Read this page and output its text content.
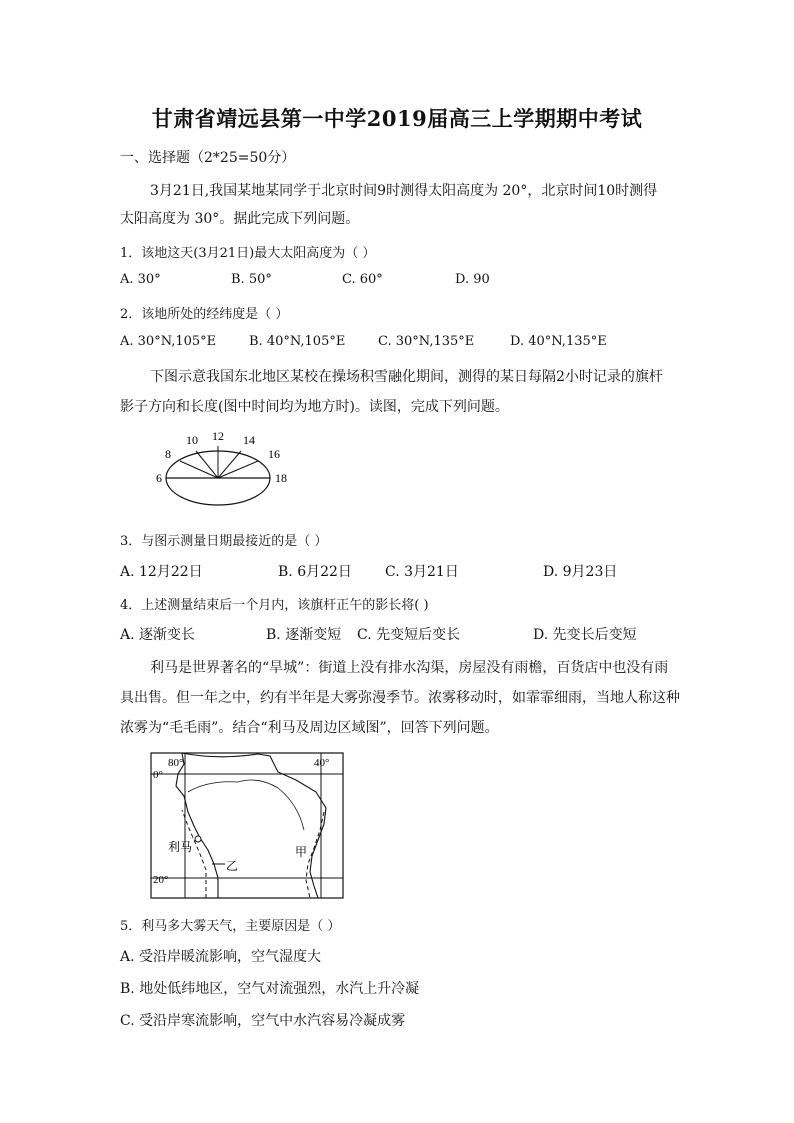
甘肃省靖远县第一中学2019届高三上学期期中考试
一、选择题（2*25=50分）
3月21日,我国某地某同学于北京时间9时测得太阳高度为 20°，北京时间10时测得
太阳高度为 30°。据此完成下列问题。
1．该地这天(3月21日)最大太阳高度为（ ）
A. 30°	B. 50°	C. 60°	D. 90
2．该地所处的经纬度是（ ）
A. 30°N,105°E	B. 40°N,105°E	C. 30°N,135°E	D. 40°N,135°E
下图示意我国东北地区某校在操场积雪融化期间，测得的某日每隔2小时记录的旗杆
影子方向和长度(图中时间均为地方时)。读图，完成下列问题。
6
8
10 12 14
16
18
3．与图示测量日期最接近的是（ ）
A. 12月22日	B. 6月22日 C. 3月21日	D. 9月23日
4．上述测量结束后一个月内，该旗杆正午的影长将( )
A. 逐渐变长	B. 逐渐变短 C. 先变短后变长	D. 先变长后变短
利马是世界著名的“旱城”：街道上没有排水沟渠，房屋没有雨檐，百货店中也没有雨
具出售。但一年之中，约有半年是大雾弥漫季节。浓雾移动时，如霏霏细雨，当地人称这种
浓雾为“毛毛雨”。结合“利马及周边区域图”，回答下列问题。
80°	40°
0°
20°
利马
乙
甲
5．利马多大雾天气，主要原因是（ ）
A. 受沿岸暖流影响，空气湿度大
B. 地处低纬地区，空气对流强烈，水汽上升冷凝
C. 受沿岸寒流影响，空气中水汽容易冷凝成雾
